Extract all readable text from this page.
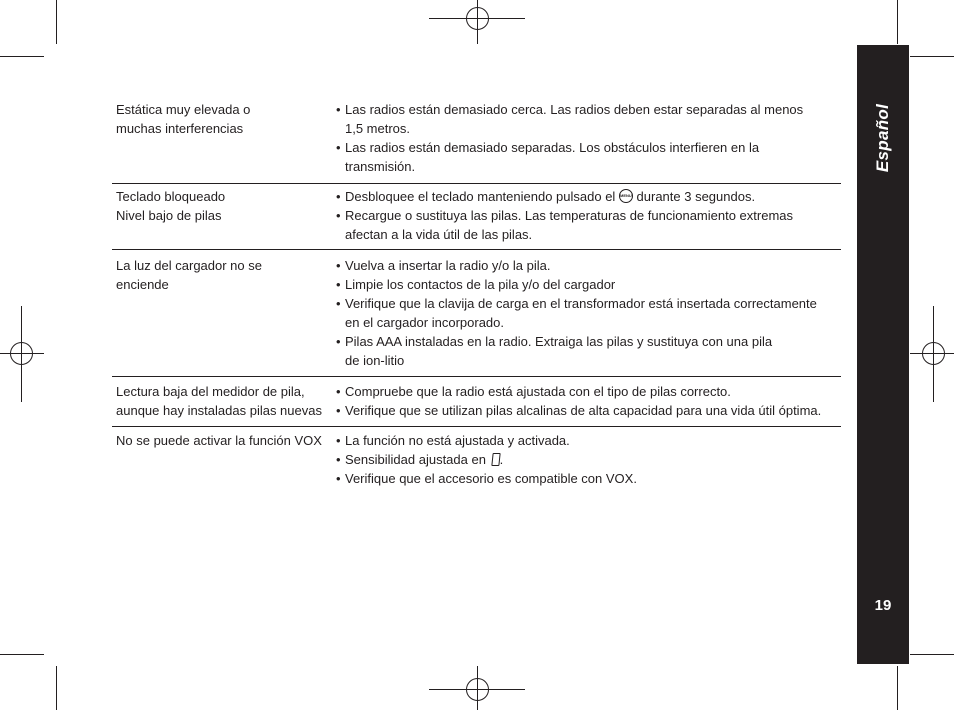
Español
19
Estática muy elevada o
muchas interferencias
• Las radios están demasiado cerca. Las radios deben estar separadas al menos
1,5 metros.
• Las radios están demasiado separadas. Los obstáculos interfieren en la
transmisión.
Teclado bloqueado
Nivel bajo de pilas
• Desbloquee el teclado manteniendo pulsado el MENU durante 3 segundos.
• Recargue o sustituya las pilas. Las temperaturas de funcionamiento extremas
afectan a la vida útil de las pilas.
La luz del cargador no se
enciende
• Vuelva a insertar la radio y/o la pila.
• Limpie los contactos de la pila y/o del cargador
• Verifique que la clavija de carga en el transformador está insertada correctamente
en el cargador incorporado.
• Pilas AAA instaladas en la radio. Extraiga las pilas y sustituya con una pila
de ion-litio
Lectura baja del medidor de pila,
aunque hay instaladas pilas nuevas
• Compruebe que la radio está ajustada con el tipo de pilas correcto.
• Verifique que se utilizan pilas alcalinas de alta capacidad para una vida útil óptima.
No se puede activar la función VOX
•	La función no está ajustada y activada.
• Sensibilidad ajustada en .
• Verifique que el accesorio es compatible con VOX.
